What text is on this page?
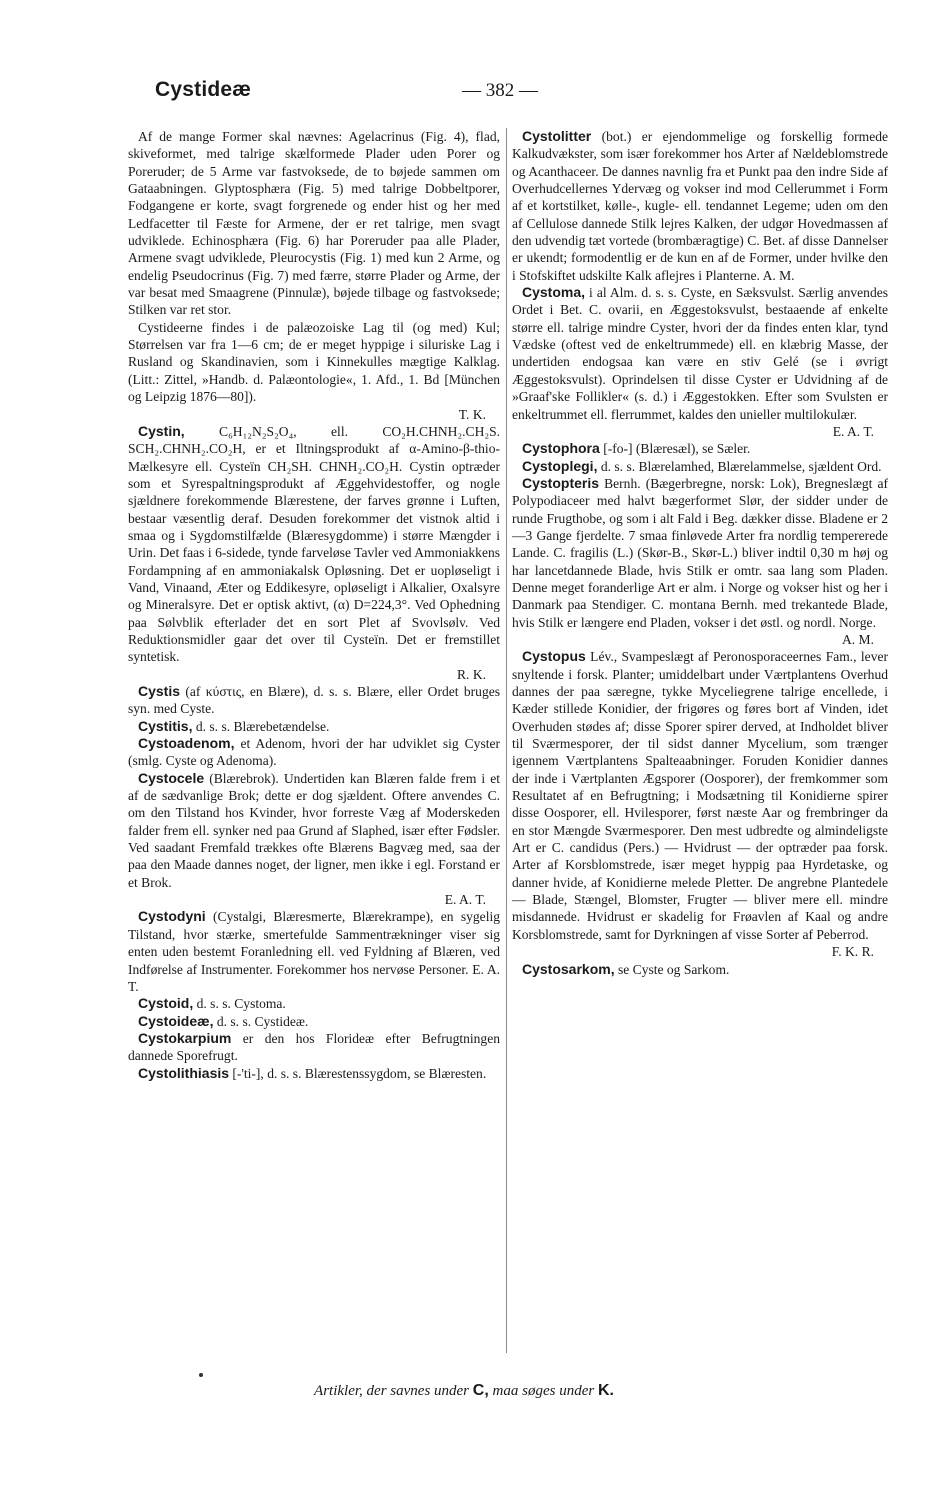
Cystideæ	— 382 —

Af de mange Former skal nævnes: Agelacrinus (Fig. 4), flad, skiveformet, med talrige skælformede Plader uden Porer og Poreruder; de 5 Arme var fastvoksede, de to bøjede sammen om Gataabningen. Glyptosphæra (Fig. 5) med talrige Dobbeltporer, Fodgangene er korte, svagt forgrenede og ender hist og her med Ledfacetter til Fæste for Armene, der er ret talrige, men svagt udviklede. Echinosphæra (Fig. 6) har Poreruder paa alle Plader, Armene svagt udviklede, Pleurocystis (Fig. 1) med kun 2 Arme, og endelig Pseudocrinus (Fig. 7) med færre, større Plader og Arme, der var besat med Smaagrene (Pinnulæ), bøjede tilbage og fastvoksede; Stilken var ret stor.

Cystideerne findes i de palæozoiske Lag til (og med) Kul; Størrelsen var fra 1—6 cm; de er meget hyppige i siluriske Lag i Rusland og Skandinavien, som i Kinnekulles mægtige Kalklag. (Litt.: Zittel, »Handb. d. Palæontologie«, 1. Afd., 1. Bd [München og Leipzig 1876—80]).
T. K.

Cystin,	C₆H₁₂N₂S₂O₄, ell. CO₂H.CHNH₂.CH₂S. SCH₂.CHNH₂.CO₂H, er et Iltningsprodukt af α-Amino-β-thio-Mælkesyre ell. Cysteïn CH₂SH. CHNH₂.CO₂H. Cystin optræder som et Syrespaltningsprodukt af Æggehvidestoffer, og nogle sjældnere forekommende Blærestene, der farves grønne i Luften, bestaar væsentlig deraf. Desuden forekommer det vistnok altid i smaa og i Sygdomstilfælde (Blæresygdomme) i større Mængder i Urin. Det faas i 6-sidede, tynde farveløse Tavler ved Ammoniakkens Fordampning af en ammoniakalsk Opløsning. Det er uopløseligt i Vand, Vinaand, Æter og Eddikesyre, opløseligt i Alkalier, Oxalsyre og Mineralsyre. Det er optisk aktivt, (α) D=224,3°. Ved Ophedning paa Sølvblik efterlader det en sort Plet af Svovlsølv. Ved Reduktionsmidler gaar det over til Cysteïn. Det er fremstillet syntetisk.
R. K.

Cystis (af κύστις, en Blære), d. s. s. Blære, eller Ordet bruges syn. med Cyste.

Cystitis, d. s. s. Blærebetændelse.

Cystoadenom, et Adenom, hvori der har udviklet sig Cyster (smlg. Cyste og Adenoma).

Cystocele (Blærebrok). Undertiden kan Blæren falde frem i et af de sædvanlige Brok; dette er dog sjældent. Oftere anvendes C. om den Tilstand hos Kvinder, hvor forreste Væg af Moderskeden falder frem ell. synker ned paa Grund af Slaphed, især efter Fødsler. Ved saadant Fremfald trækkes ofte Blærens Bagvæg med, saa der paa den Maade dannes noget, der ligner, men ikke i egl. Forstand er et Brok.
E. A. T.

Cystodyni (Cystalgi, Blæresmerte, Blærekrampe), en sygelig Tilstand, hvor stærke, smertefulde Sammentrækninger viser sig enten uden bestemt Foranledning ell. ved Fyldning af Blæren, ved Indførelse af Instrumenter. Forekommer hos nervøse Personer. E. A. T.

Cystoid, d. s. s. Cystoma.

Cystoideæ, d. s. s. Cystideæ.

Cystokarpium er den hos Florideæ efter Befrugtningen dannede Sporefrugt.

Cystolithiasis [-'ti-], d. s. s. Blærestenssygdom, se Blæresten.

Cystolitter (bot.) er ejendommelige og forskellig formede Kalkudvækster, som især forekommer hos Arter af Nældeblomstrede og Acanthaceer. De dannes navnlig fra et Punkt paa den indre Side af Overhudcellernes Ydervæg og vokser ind mod Cellerummet i Form af et kortstilket, kølle-, kugle- ell. tendannet Legeme; uden om den af Cellulose dannede Stilk lejres Kalken, der udgør Hovedmassen af den udvendig tæt vortede (brombæragtige) C. Bet. af disse Dannelser er ukendt; formodentlig er de kun en af de Former, under hvilke den i Stofskiftet udskilte Kalk aflejres i Planterne. A. M.

Cystoma, i al Alm. d. s. s. Cyste, en Sæksvulst. Særlig anvendes Ordet i Bet. C. ovarii, en Æggestoksvulst, bestaaende af enkelte større ell. talrige mindre Cyster, hvori der da findes enten klar, tynd Vædske (oftest ved de enkeltrummede) ell. en klæbrig Masse, der undertiden endogsaa kan være en stiv Gelé (se i øvrigt Æggestoksvulst). Oprindelsen til disse Cyster er Udvidning af de »Graaf'ske Follikler« (s. d.) i Æggestokken. Efter som Svulsten er enkeltrummet ell. flerrummet, kaldes den unieller multilokulær.
E. A. T.

Cystophora [-fo-] (Blæresæl), se Sæler.

Cystoplegi, d. s. s. Blærelamhed, Blærelammelse, sjældent Ord.

Cystopteris Bernh. (Bægerbregne, norsk: Lok), Bregneslægt af Polypodiaceer med halvt bægerformet Slør, der sidder under de runde Frugthobe, og som i alt Fald i Beg. dækker disse. Bladene er 2—3 Gange fjerdelte. 7 smaa finløvede Arter fra nordlig tempererede Lande. C. fragilis (L.) (Skør-B., Skør-L.) bliver indtil 0,30 m høj og har lancetdannede Blade, hvis Stilk er omtr. saa lang som Pladen. Denne meget foranderlige Art er alm. i Norge og vokser hist og her i Danmark paa Stendiger. C. montana Bernh. med trekantede Blade, hvis Stilk er længere end Pladen, vokser i det østl. og nordl. Norge.
A. M.

Cystopus Lév., Svampeslægt af Peronosporaceernes Fam., lever snyltende i forsk. Planter; umiddelbart under Værtplantens Overhud dannes der paa særegne, tykke Myceliegrene talrige encellede, i Kæder stillede Konidier, der frigøres og føres bort af Vinden, idet Overhuden stødes af; disse Sporer spirer derved, at Indholdet bliver til Sværmesporer, der til sidst danner Mycelium, som trænger igennem Værtplantens Spalteaabninger. Foruden Konidier dannes der inde i Værtplanten Ægsporer (Oosporer), der fremkommer som Resultatet af en Befrugtning; i Modsætning til Konidierne spirer disse Oosporer, ell. Hvilesporer, først næste Aar og frembringer da en stor Mængde Sværmesporer. Den mest udbredte og almindeligste Art er C. candidus (Pers.) — Hvidrust — der optræder paa forsk. Arter af Korsblomstrede, især meget hyppig paa Hyrdetaske, og danner hvide, af Konidierne melede Pletter. De angrebne Plantedele — Blade, Stængel, Blomster, Frugter — bliver mere ell. mindre misdannede. Hvidrust er skadelig for Frøavlen af Kaal og andre Korsblomstrede, samt for Dyrkningen af visse Sorter af Peberrod.
F. K. R.

Cystosarkom, se Cyste og Sarkom.

Artikler, der savnes under C, maa søges under K.
